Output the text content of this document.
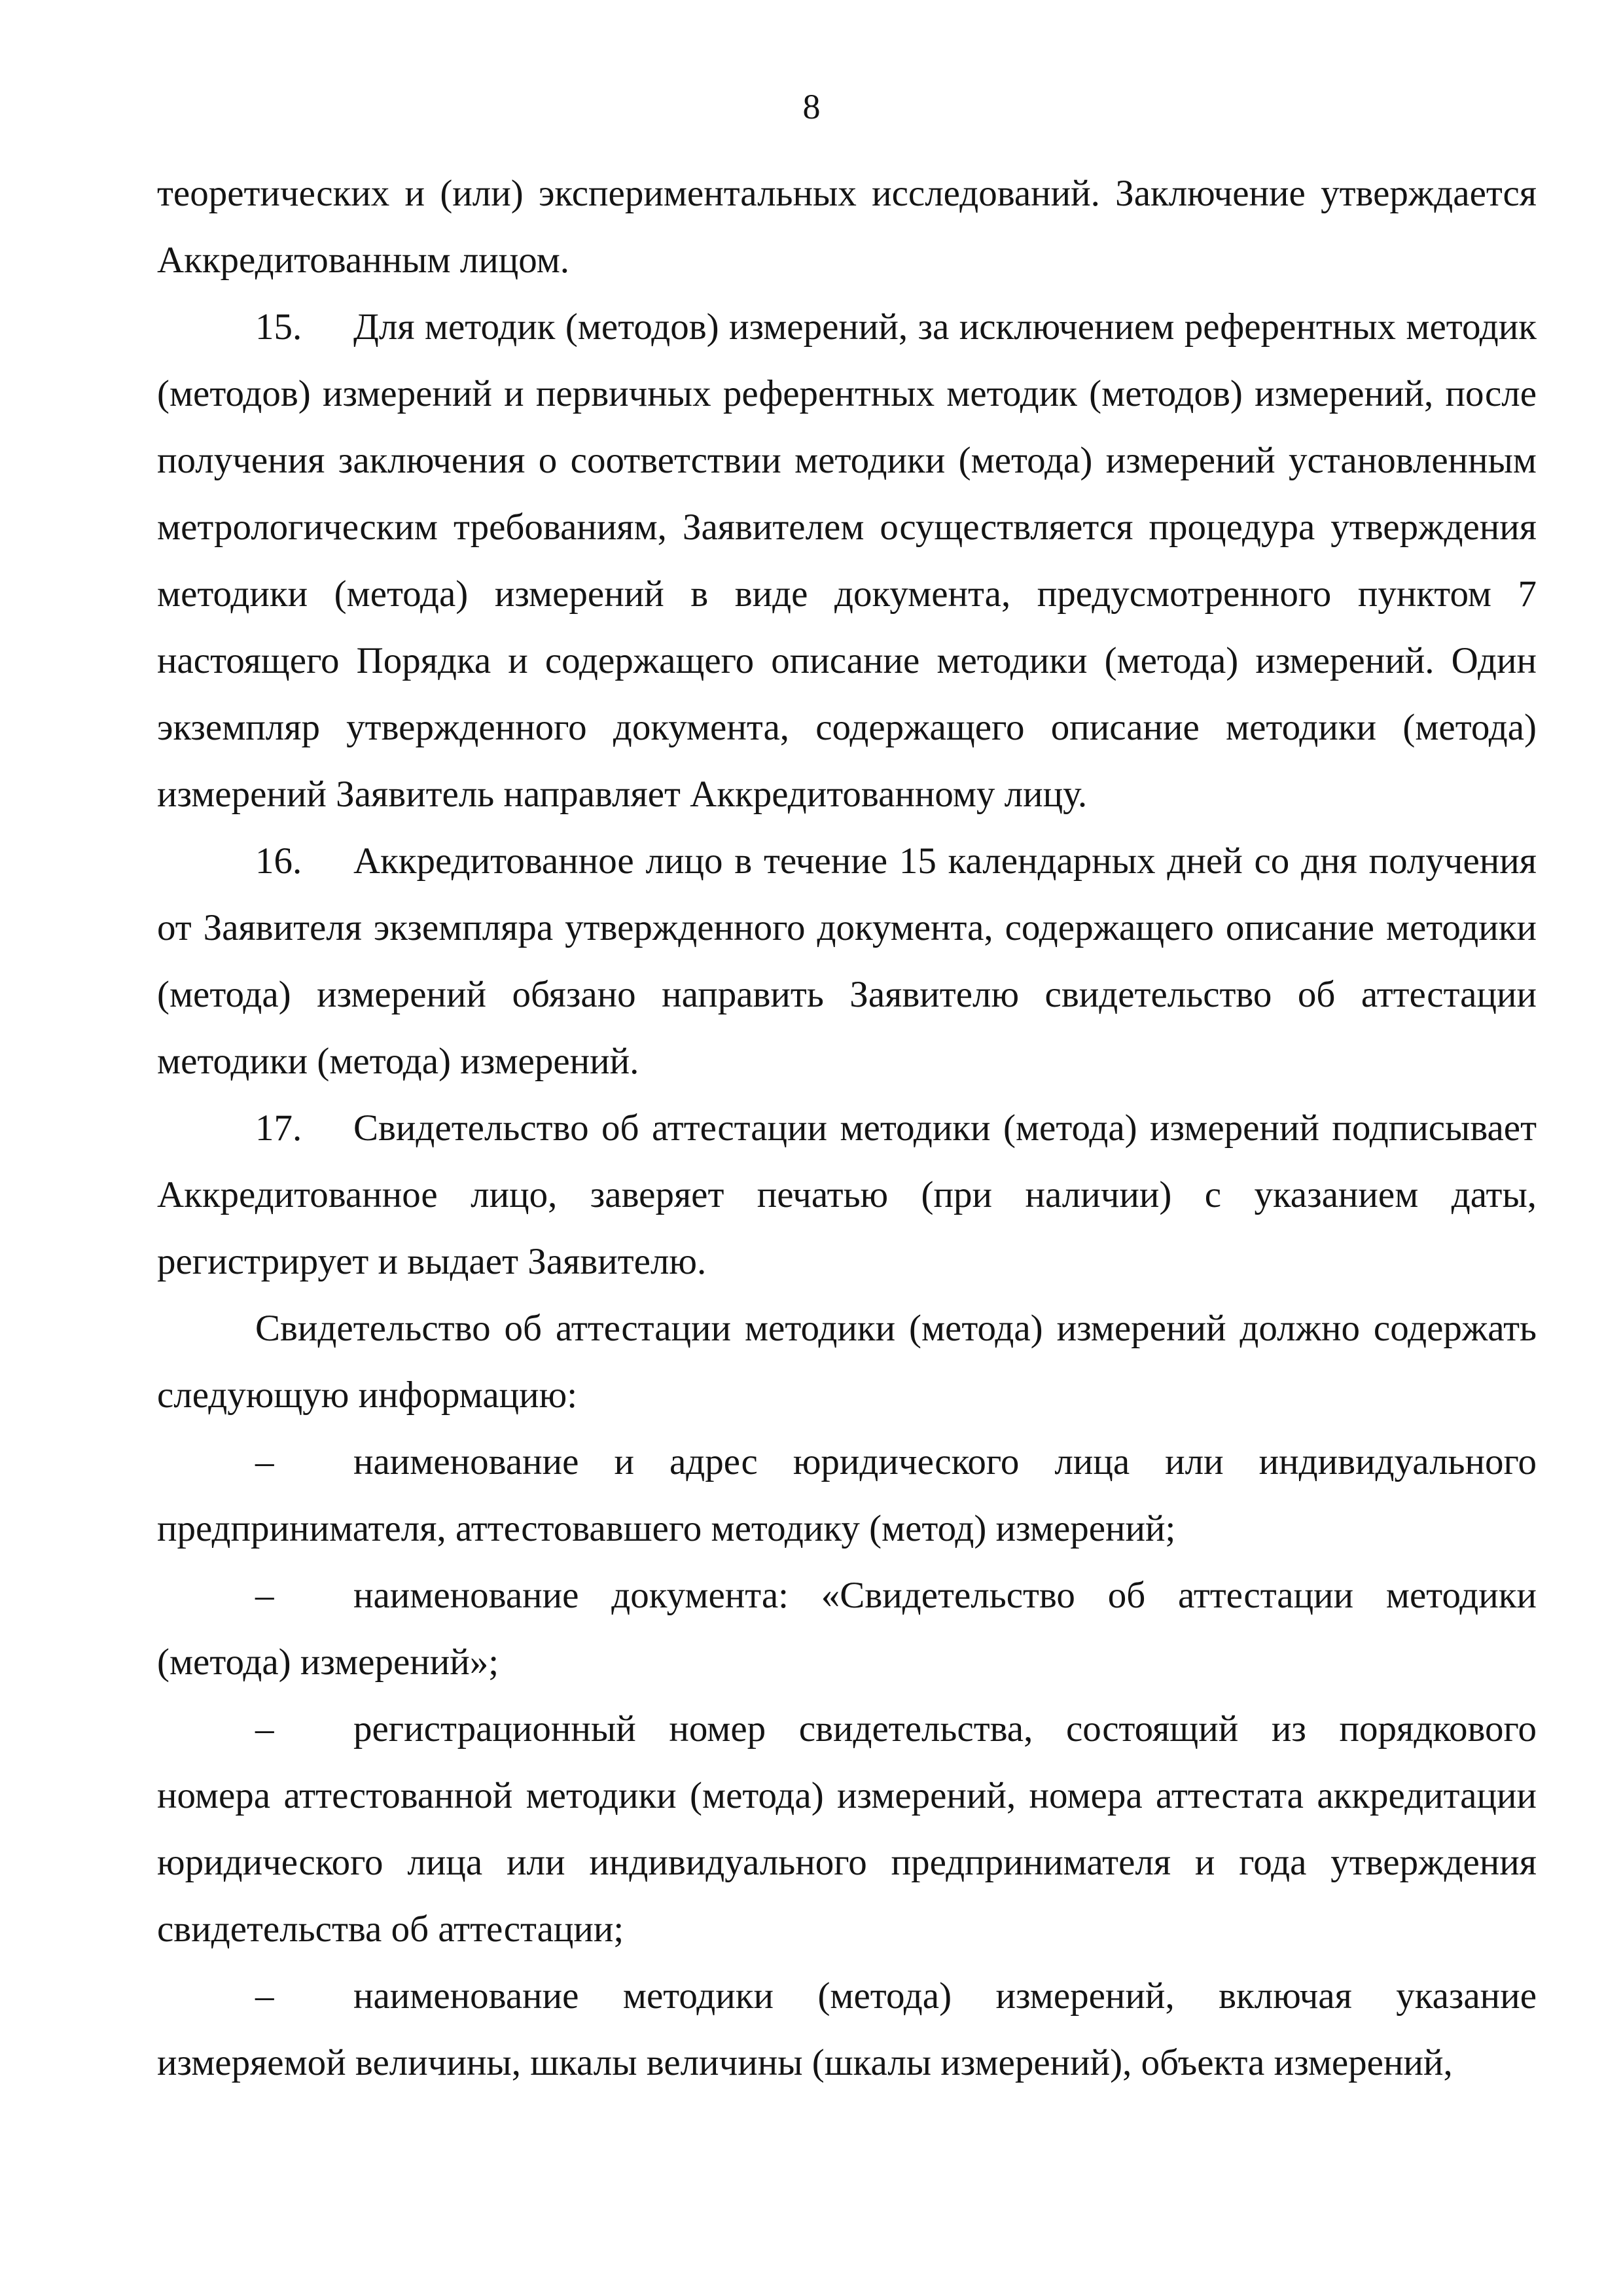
8

теоретических и (или) экспериментальных исследований. Заключение утверждается Аккредитованным лицом.

15. Для методик (методов) измерений, за исключением референтных методик (методов) измерений и первичных референтных методик (методов) измерений, после получения заключения о соответствии методики (метода) измерений установленным метрологическим требованиям, Заявителем осуществляется процедура утверждения методики (метода) измерений в виде документа, предусмотренного пунктом 7 настоящего Порядка и содержащего описание методики (метода) измерений. Один экземпляр утвержденного документа, содержащего описание методики (метода) измерений Заявитель направляет Аккредитованному лицу.

16. Аккредитованное лицо в течение 15 календарных дней со дня получения от Заявителя экземпляра утвержденного документа, содержащего описание методики (метода) измерений обязано направить Заявителю свидетельство об аттестации методики (метода) измерений.

17. Свидетельство об аттестации методики (метода) измерений подписывает Аккредитованное лицо, заверяет печатью (при наличии) с указанием даты, регистрирует и выдает Заявителю.

Свидетельство об аттестации методики (метода) измерений должно содержать следующую информацию:

– наименование и адрес юридического лица или индивидуального предпринимателя, аттестовавшего методику (метод) измерений;

– наименование документа: «Свидетельство об аттестации методики (метода) измерений»;

– регистрационный номер свидетельства, состоящий из порядкового номера аттестованной методики (метода) измерений, номера аттестата аккредитации юридического лица или индивидуального предпринимателя и года утверждения свидетельства об аттестации;

– наименование методики (метода) измерений, включая указание измеряемой величины, шкалы величины (шкалы измерений), объекта измерений,
